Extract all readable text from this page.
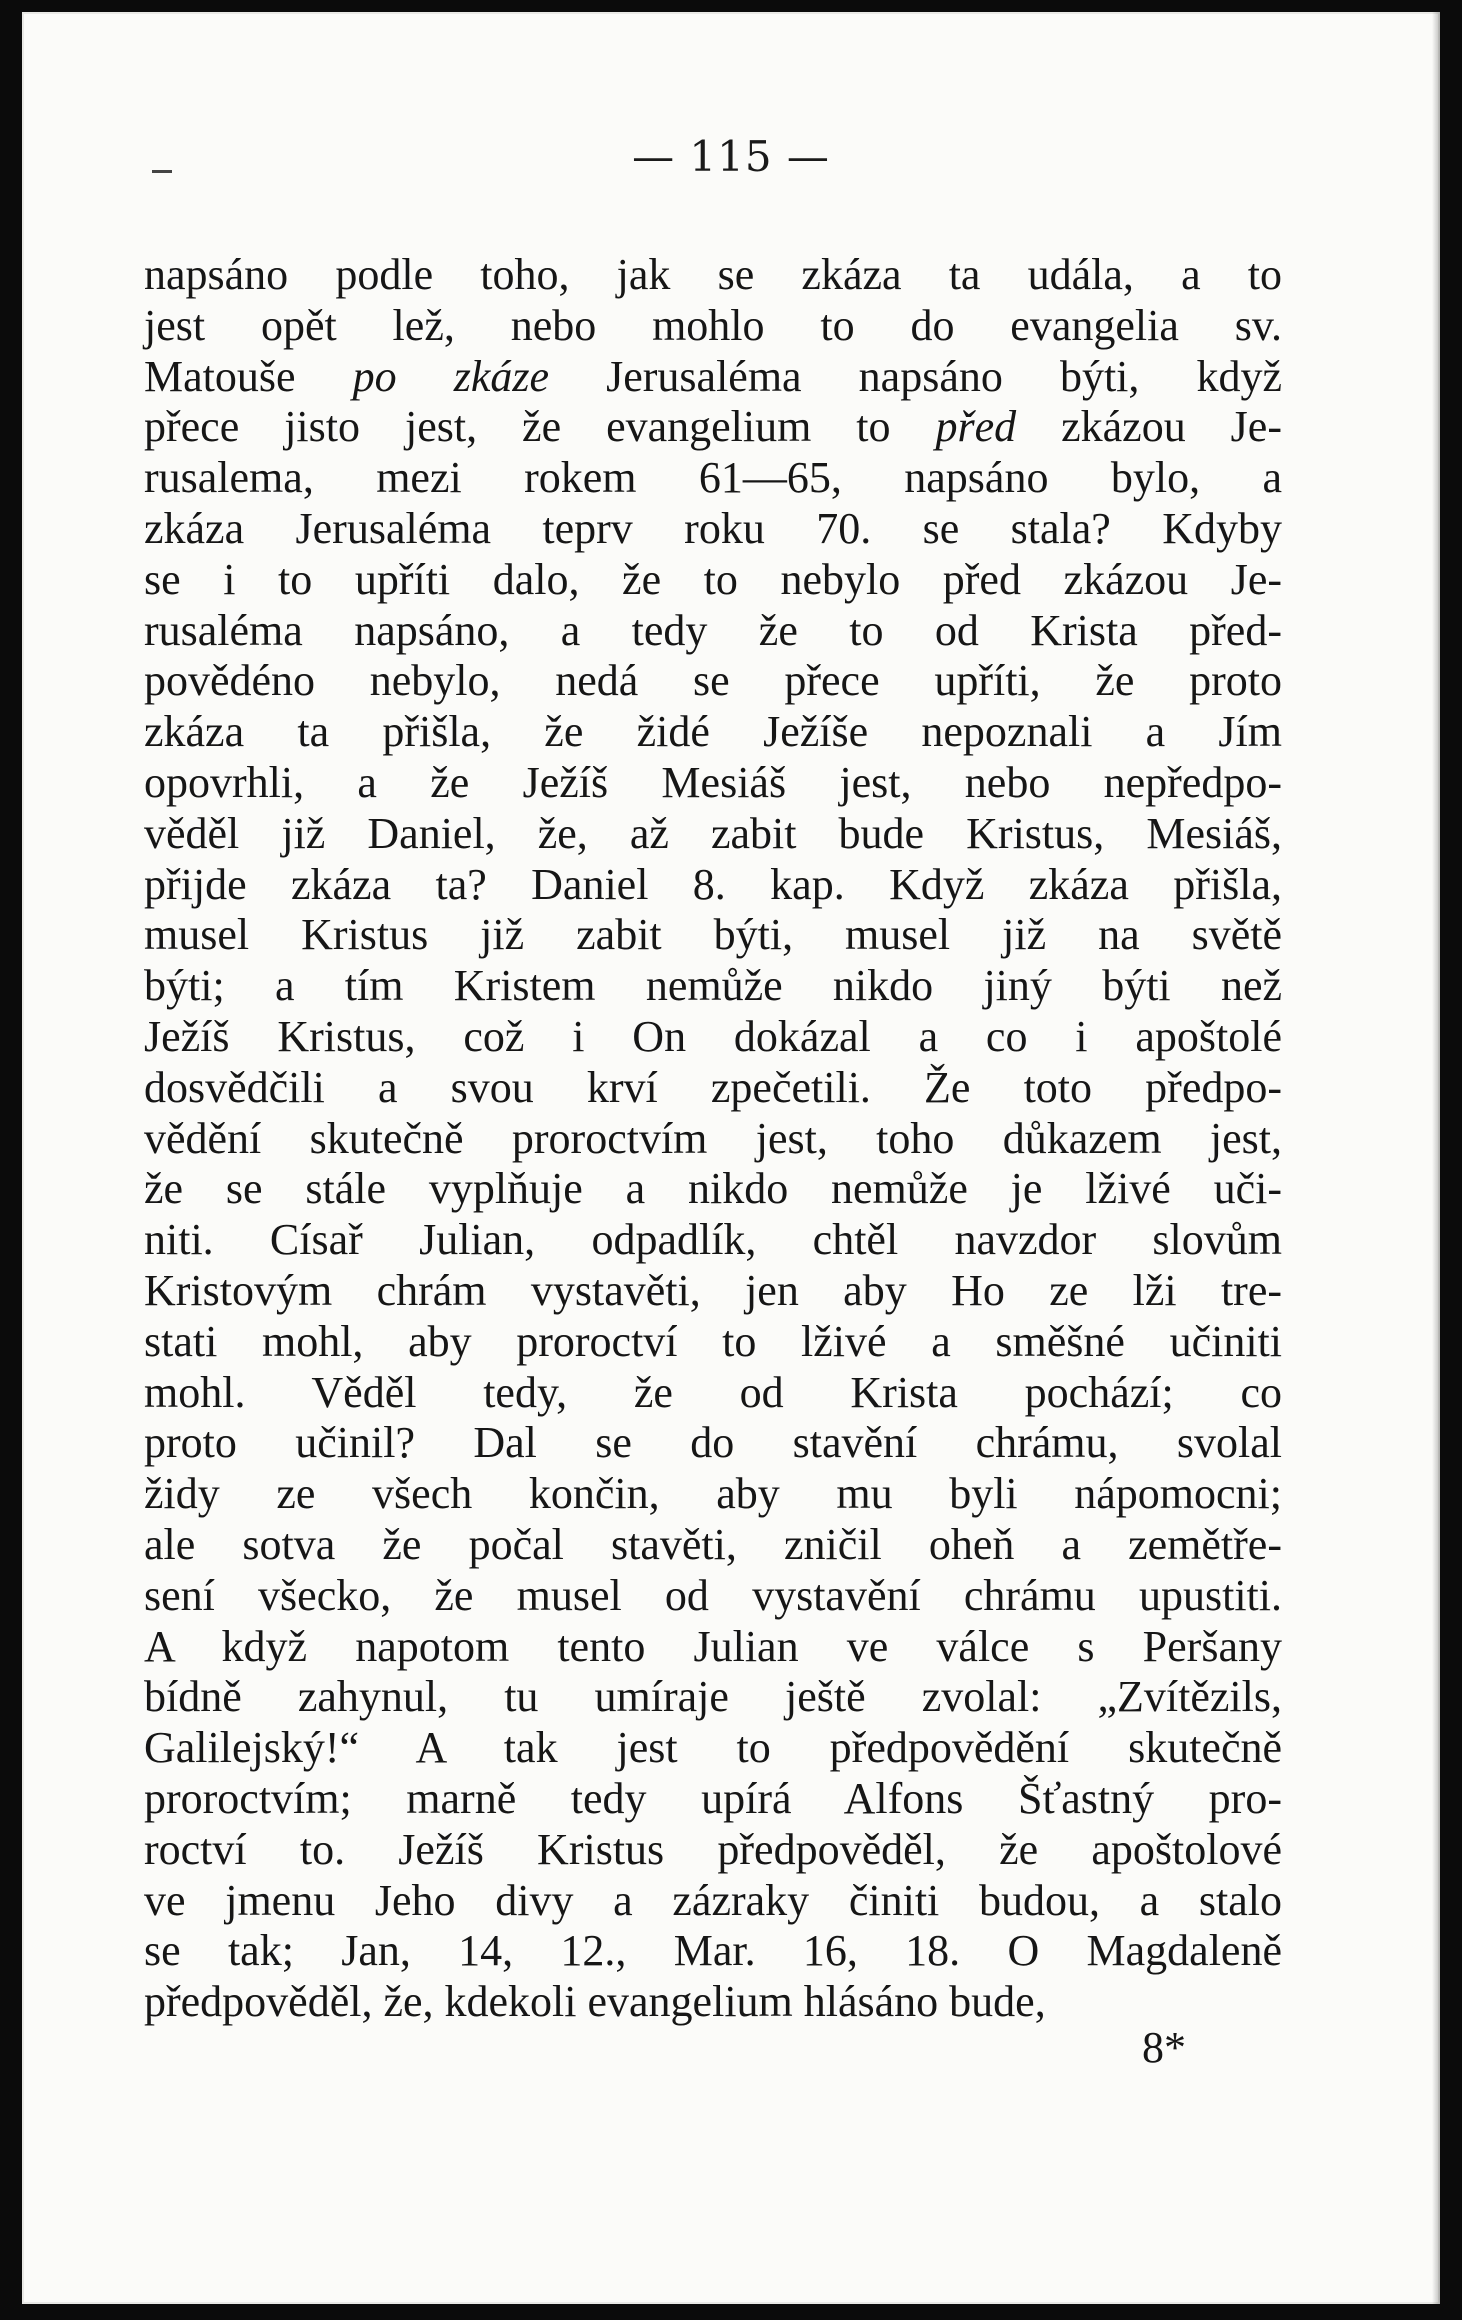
— 115 —
napsáno podle toho, jak se zkáza ta udála, a to
jest opět lež, nebo mohlo to do evangelia sv.
Matouše po zkáze Jerusaléma napsáno býti, když
přece jisto jest, že evangelium to před zkázou Je-
rusalema, mezi rokem 61—65, napsáno bylo, a
zkáza Jerusaléma teprv roku 70. se stala? Kdyby
se i to upříti dalo, že to nebylo před zkázou Je-
rusaléma napsáno, a tedy že to od Krista před-
povědéno nebylo, nedá se přece upříti, že proto
zkáza ta přišla, že židé Ježíše nepoznali a Jím
opovrhli, a že Ježíš Mesiáš jest, nebo nepředpo-
věděl již Daniel, že, až zabit bude Kristus, Mesiáš,
přijde zkáza ta? Daniel 8. kap. Když zkáza přišla,
musel Kristus již zabit býti, musel již na světě
býti; a tím Kristem nemůže nikdo jiný býti než
Ježíš Kristus, což i On dokázal a co i apoštolé
dosvědčili a svou krví zpečetili. Že toto předpo-
vědění skutečně proroctvím jest, toho důkazem jest,
že se stále vyplňuje a nikdo nemůže je lživé uči-
niti. Císař Julian, odpadlík, chtěl navzdor slovům
Kristovým chrám vystavěti, jen aby Ho ze lži tre-
stati mohl, aby proroctví to lživé a směšné učiniti
mohl. Věděl tedy, že od Krista pochází; co
proto učinil? Dal se do stavění chrámu, svolal
židy ze všech končin, aby mu byli nápomocni;
ale sotva že počal stavěti, zničil oheň a zemětře-
sení všecko, že musel od vystavění chrámu upustiti.
A když napotom tento Julian ve válce s Peršany
bídně zahynul, tu umíraje ještě zvolal: „Zvítězils,
Galilejský!“ A tak jest to předpovědění skutečně
proroctvím; marně tedy upírá Alfons Šťastný pro-
roctví to. Ježíš Kristus předpověděl, že apoštolové
ve jmenu Jeho divy a zázraky činiti budou, a stalo
se tak; Jan, 14, 12., Mar. 16, 18. O Magdaleně
předpověděl, že, kdekoli evangelium hlásáno bude,
8*
